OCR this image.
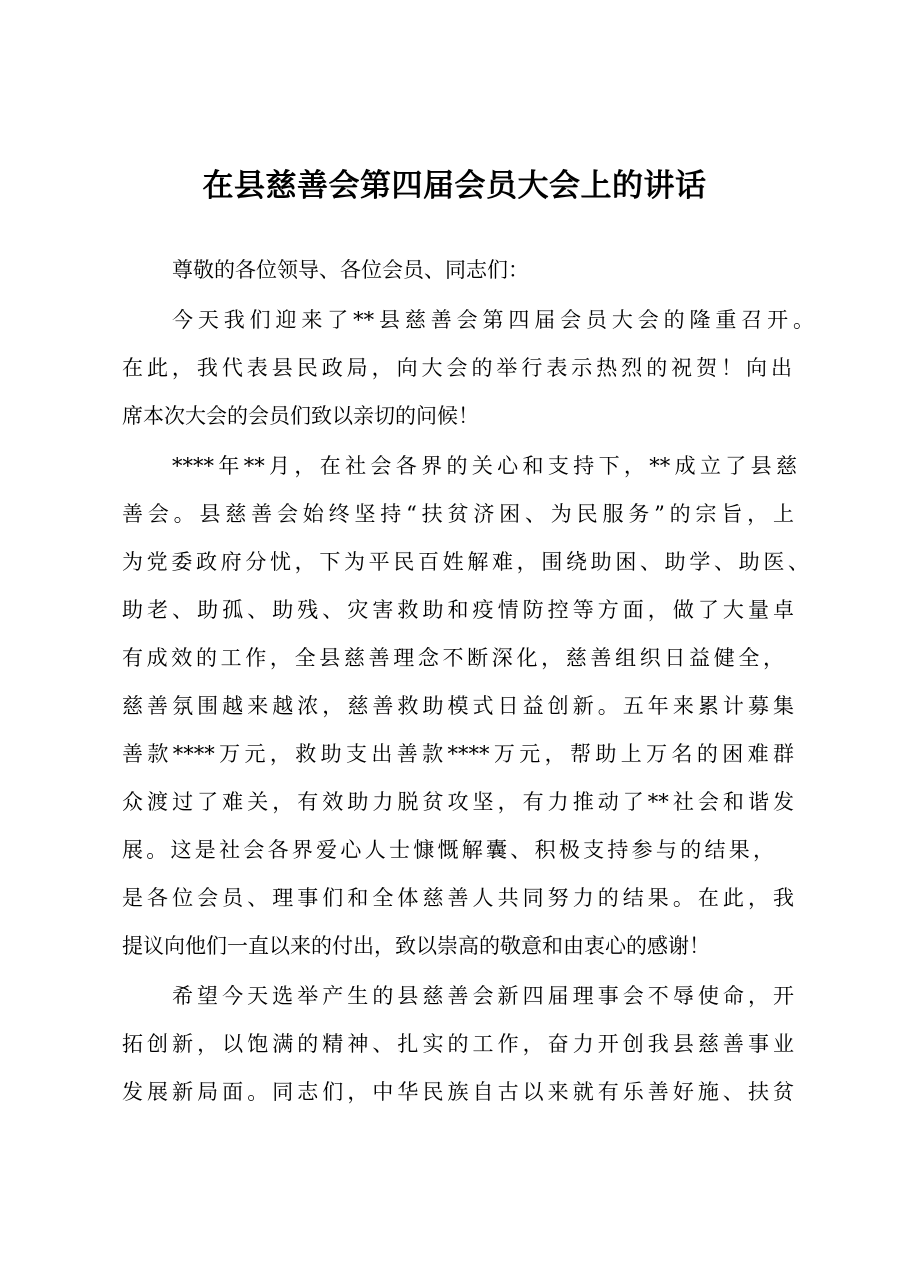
在县慈善会第四届会员大会上的讲话
尊敬的各位领导、各位会员、同志们：
今天我们迎来了**县慈善会第四届会员大会的隆重召开。
在此，我代表县民政局，向大会的举行表示热烈的祝贺！向出
席本次大会的会员们致以亲切的问候！
****年**月，在社会各界的关心和支持下，**成立了县慈
善会。县慈善会始终坚持“扶贫济困、为民服务”的宗旨，上
为党委政府分忧，下为平民百姓解难，围绕助困、助学、助医、
助老、助孤、助残、灾害救助和疫情防控等方面，做了大量卓
有成效的工作，全县慈善理念不断深化，慈善组织日益健全，
慈善氛围越来越浓，慈善救助模式日益创新。五年来累计募集
善款****万元，救助支出善款****万元，帮助上万名的困难群
众渡过了难关，有效助力脱贫攻坚，有力推动了**社会和谐发
展。这是社会各界爱心人士慷慨解囊、积极支持参与的结果，
是各位会员、理事们和全体慈善人共同努力的结果。在此，我
提议向他们一直以来的付出，致以崇高的敬意和由衷心的感谢！
希望今天选举产生的县慈善会新四届理事会不辱使命，开
拓创新，以饱满的精神、扎实的工作，奋力开创我县慈善事业
发展新局面。同志们，中华民族自古以来就有乐善好施、扶贫
